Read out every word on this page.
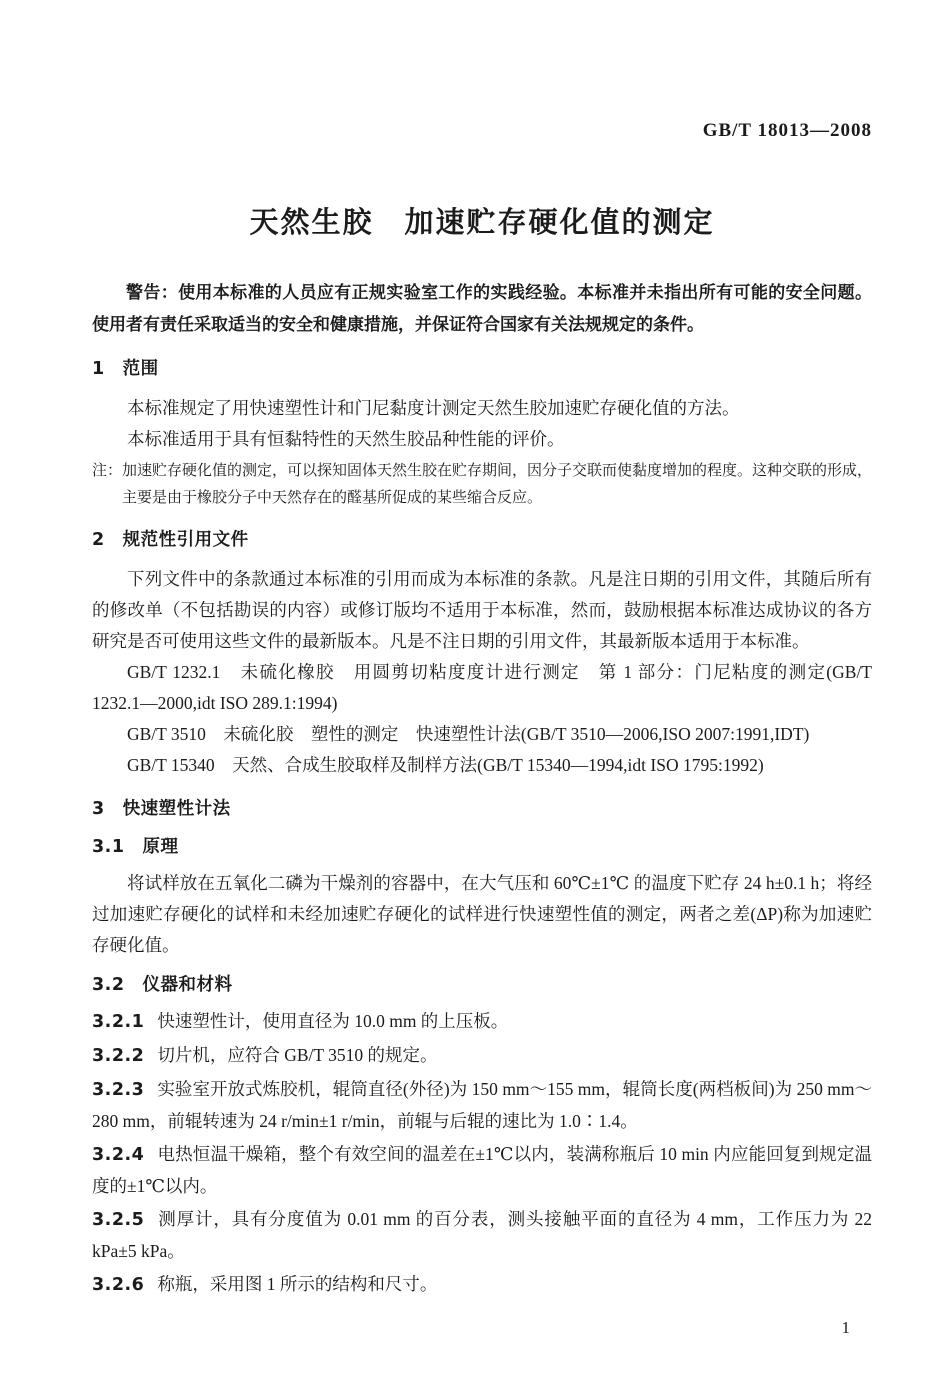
GB/T 18013—2008
天然生胶　加速贮存硬化值的测定

警告：使用本标准的人员应有正规实验室工作的实践经验。本标准并未指出所有可能的安全问题。使用者有责任采取适当的安全和健康措施，并保证符合国家有关法规规定的条件。

1　范围

本标准规定了用快速塑性计和门尼黏度计测定天然生胶加速贮存硬化值的方法。

本标准适用于具有恒黏特性的天然生胶品种性能的评价。

注：加速贮存硬化值的测定，可以探知固体天然生胶在贮存期间，因分子交联而使黏度增加的程度。这种交联的形成，主要是由于橡胶分子中天然存在的醛基所促成的某些缩合反应。

2　规范性引用文件

下列文件中的条款通过本标准的引用而成为本标准的条款。凡是注日期的引用文件，其随后所有的修改单（不包括勘误的内容）或修订版均不适用于本标准，然而，鼓励根据本标准达成协议的各方研究是否可使用这些文件的最新版本。凡是不注日期的引用文件，其最新版本适用于本标准。

GB/T 1232.1　未硫化橡胶　用圆剪切粘度度计进行测定　第 1 部分：门尼粘度的测定(GB/T 1232.1—2000,idt ISO 289.1:1994)

GB/T 3510　未硫化胶　塑性的测定　快速塑性计法(GB/T 3510—2006,ISO 2007:1991,IDT)

GB/T 15340　天然、合成生胶取样及制样方法(GB/T 15340—1994,idt ISO 1795:1992)

3　快速塑性计法
3.1　原理

将试样放在五氧化二磷为干燥剂的容器中，在大气压和 60℃±1℃ 的温度下贮存 24 h±0.1 h；将经过加速贮存硬化的试样和未经加速贮存硬化的试样进行快速塑性值的测定，两者之差(ΔP)称为加速贮存硬化值。

3.2　仪器和材料

3.2.1 快速塑性计，使用直径为 10.0 mm 的上压板。

3.2.2 切片机，应符合 GB/T 3510 的规定。

3.2.3 实验室开放式炼胶机，辊筒直径(外径)为 150 mm～155 mm，辊筒长度(两档板间)为 250 mm～280 mm，前辊转速为 24 r/min±1 r/min，前辊与后辊的速比为 1.0∶1.4。

3.2.4 电热恒温干燥箱，整个有效空间的温差在±1℃以内，装满称瓶后 10 min 内应能回复到规定温度的±1℃以内。

3.2.5 测厚计，具有分度值为 0.01 mm 的百分表，测头接触平面的直径为 4 mm，工作压力为 22 kPa±5 kPa。

3.2.6 称瓶，采用图 1 所示的结构和尺寸。

1
